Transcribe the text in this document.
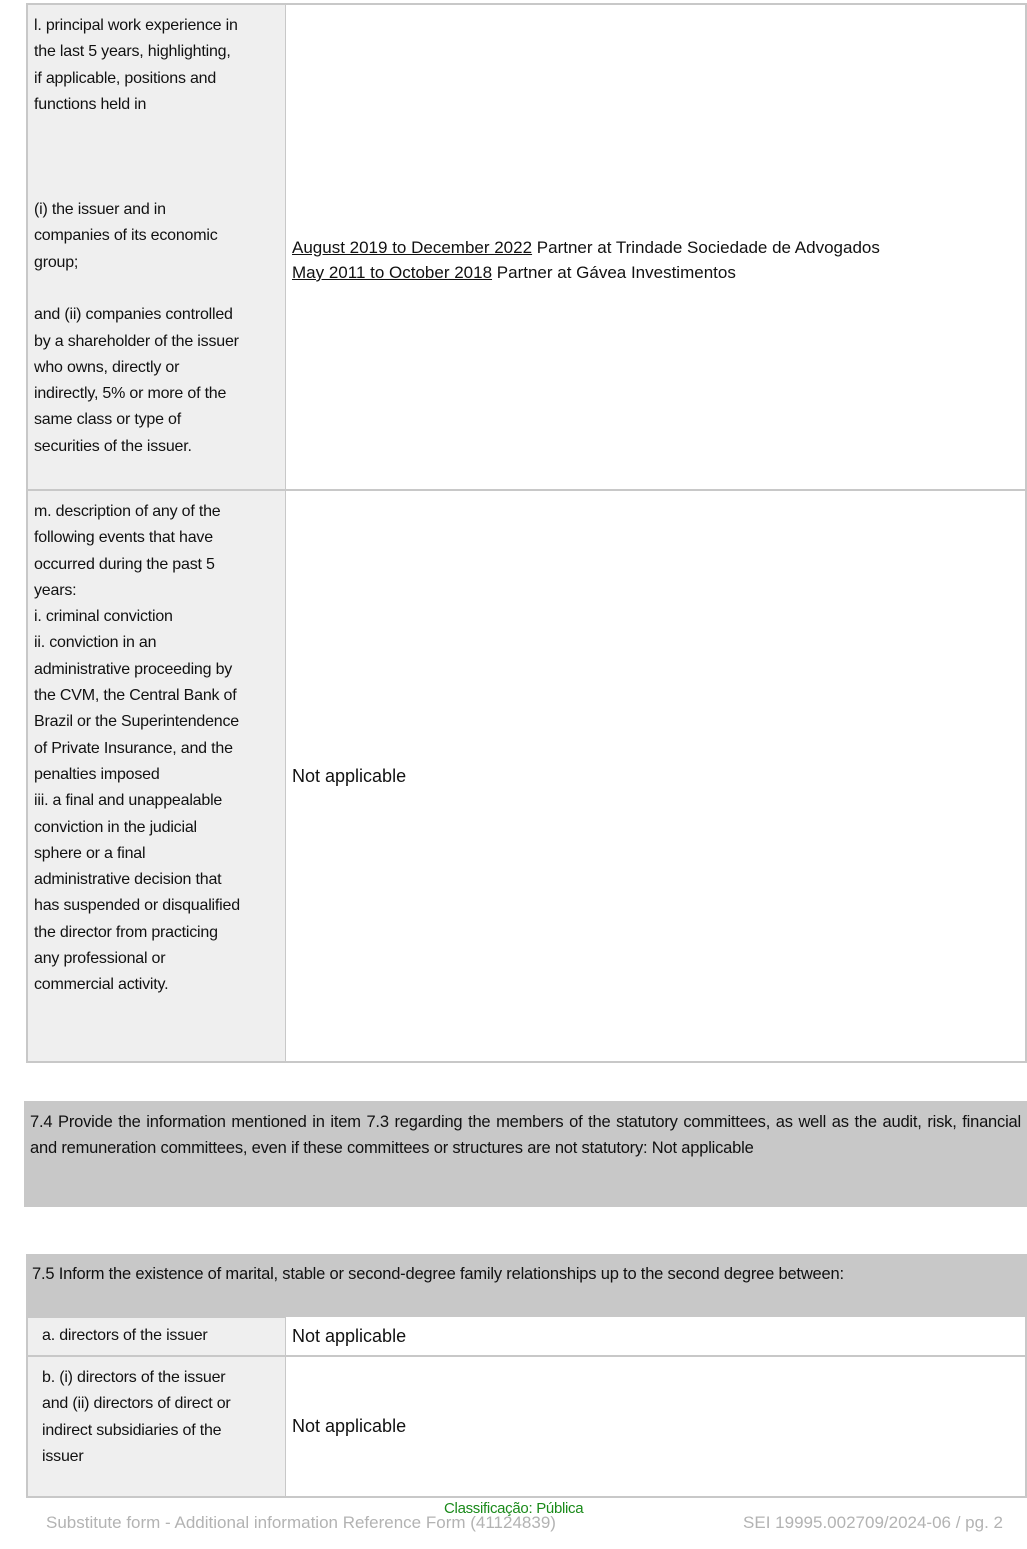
l. principal work experience in
the last 5 years, highlighting,
if applicable, positions and
functions held in

(i) the issuer and in
companies of its economic
group;

and (ii) companies controlled
by a shareholder of the issuer
who owns, directly or
indirectly, 5% or more of the
same class or type of
securities of the issuer.
August 2019 to December 2022 Partner at Trindade Sociedade de Advogados
May 2011 to October 2018 Partner at Gávea Investimentos
m. description of any of the
following events that have
occurred during the past 5
years:
i. criminal conviction
ii. conviction in an
administrative proceeding by
the CVM, the Central Bank of
Brazil or the Superintendence
of Private Insurance, and the
penalties imposed
iii. a final and unappealable
conviction in the judicial
sphere or a final
administrative decision that
has suspended or disqualified
the director from practicing
any professional or
commercial activity.
Not applicable
7.4 Provide the information mentioned in item 7.3 regarding the members of the statutory committees, as well as the audit, risk, financial and remuneration committees, even if these committees or structures are not statutory: Not applicable
7.5 Inform the existence of marital, stable or second-degree family relationships up to the second degree between:
a. directors of the issuer	Not applicable
b. (i) directors of the issuer
and (ii) directors of direct or
indirect subsidiaries of the
issuer
Not applicable
Classificação: Pública
Substitute form - Additional information Reference Form (41124839)	SEI 19995.002709/2024-06 / pg. 2
